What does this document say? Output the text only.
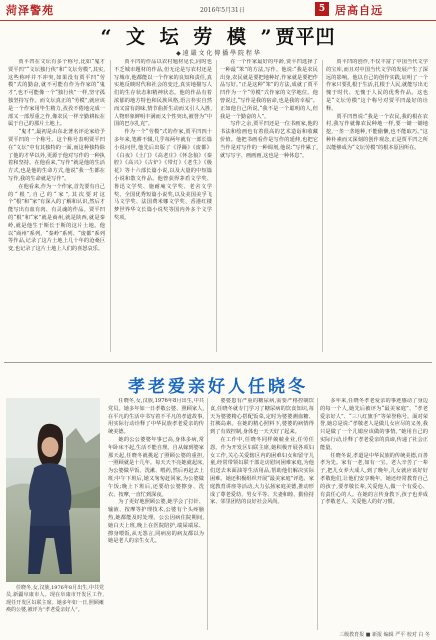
菏泽警苑	2016年5月31日	5 居高自远
“ 文 坛 劳 模 ”贾平凹
◆ 遠 嚴 文 化 傳 播 學 院 程 华

贾平凹在文坛有多个称号,比如“鬼才贾平凹”“文坛独行侠”和“文坛劳模”,其实,这些称呼并不冲突,如果没有贾平凹“劳模”式的勤奋,就不可能有作为作家的“鬼才”,也不可能像一个“独行侠”一样,坚守孤独坚持写作。而文坛真正的“劳模”,就应该是一个作家用毕生精力,孜孜不倦地完成一部又一部厚重之作,像农民一样辛勤耕耘在属于自己的那片土地上。

“鬼才”,最初是由东北著名评论家给予贾平凹的一个称号。这个称号表明贾平凹在“文坛”中有其独特的一面,而这种独特除了他的才华以外,更源于他对写作的一种执着和坚持。在他看来,“写作”就是他的生活方式,也是他的生命方式,他说“我一生都在写作,我的生命就是写作”。

在他看来,作为一个作家,首先要有自己的“根”,自己的“家”,其次要对这个“根”和“家”有深入的了解和认识,然后才能写出有血有肉、有灵魂的作品。贾平凹的“根”和“家”就是商州,就是陕西,就是秦岭,就是他生于斯长于斯的这片土地。他以“商州”系列、“秦岭”系列、“废都”系列等作品,记录了这片土地上几十年的沧桑巨变,也记录了这片土地上人们的喜怒哀乐。

贾平凹的作品以农村题材见长,同时也不乏城市题材的作品,但无论是写农村还是写城市,他都能以一个作家的良知和责任,真实地反映时代和社会的变迁,真实地描写人们的生存状态和精神状态。他的作品有着浓郁的地方特色和民族风格,语言朴实自然而又富有韵味,情节曲折生动而又引人入胜,人物形象鲜明丰满而又个性突出,被誉为“中国的巴尔扎克”。

作为一个“劳模”式的作家,贾平凹四十多年来,笔耕不辍,几乎每两年就有一部长篇小说问世,他先后出版了《浮躁》《废都》《白夜》《土门》《高老庄》《怀念狼》《秦腔》《高兴》《古炉》《带灯》《老生》《极花》等十六部长篇小说,以及大量的中短篇小说和散文作品。他曾获得茅盾文学奖、鲁迅文学奖、施耐庵文学奖、老舍文学奖、全国优秀短篇小说奖,以及美国美孚飞马文学奖、法国费米娜文学奖、香港红楼梦世界华文长篇小说奖等国内外多个文学奖项。

在一个作家最好的年龄,贾平凹选择了一种最“笨”的方法,写作。他说:“我是农民出身,农民就是要把地种好,作家就是要把作品写好。”正是这种“笨”的方法,成就了贾平凹作为一个“劳模”式作家的文学地位。他曾说过,“写作是我的宿命,也是我的幸福”。正如他自己所说,“我不是一个聪明的人,但我是一个勤奋的人”。

写作之余,贾平凹还是一位书画家,他的书法和绘画也有着很高的艺术造诣和收藏价值。他把书画看作是写作的延伸,也把它当作是对写作的一种调剂,他说:“写作累了,就写写字、画画画,这也是一种休息”。

贾平凹的创作,不仅丰富了中国当代文学的宝库,而且对中国当代文学的发展产生了深远的影响。他以自己的创作实践,证明了一个作家只要扎根于生活,扎根于人民,就能写出无愧于时代、无愧于人民的优秀作品。这也是“文坛劳模”这个称号对贾平凹最好的诠释。

贾平凹曾说:“我是一个农民,我的根在农村,我写作就像农民种地一样,要一锄一锄地挖,一垄一垄地种,不能偷懒,也不能取巧。”这种朴素而又深刻的创作观念,正是贾平凹之所以能够成为“文坛劳模”的根本原因所在。

孝老爱亲好人任晓冬

任晓冬,女,汉族,1976年8月出生,中共党员,新疆阜康市人。现在阜康市开发区工作,现任开发区妇联主席。她多年如一日,照顾瘫痪的公婆,被评为“孝老爱亲好人”。

任晓冬,女,汉族,1976年8月出生,中共党员。她多年如一日孝敬公婆、照顾家人,在平凡的生活中书写着不平凡的孝道故事,用实际行动诠释了中华民族孝老爱亲的传统美德。

她的公公婆婆年事已高,身体多病,常年卧床不起,生活不能自理。自从嫁到婆家那天起,任晓冬就挑起了照顾公婆的重担,一照顾就是十几年。每天天不亮她就起床,为公婆做早饭、洗漱、喂药,然后再赶去上班;中午下班后,她又匆匆赶回家,为公婆做午饭;晚上下班后,还要给公婆擦身、洗衣、按摩,一直忙到深夜。

为了更好地照顾公婆,她学会了打针、输液、按摩等护理技术,公婆有个头疼脑热,她都能及时处理。公公因病住院期间,她白天上班,晚上在医院陪护,端屎端尿、擦身喂饭,从无怨言,同病房的病友都以为她是老人的亲生女儿。

婆婆患有严重的糖尿病,需要严格控制饮食,任晓冬就专门学习了糖尿病的饮食知识,每天为婆婆精心搭配饭菜,定时为婆婆测血糖、打胰岛素。在她的精心照料下,婆婆的病情得到了有效控制,身体也一天天好了起来。

在工作中,任晓冬同样兢兢业业,任劳任怨。作为开发区妇联主席,她积极开展各项妇女工作,关心关爱辖区内的困难妇女和留守儿童,经常带领妇联干部走访慰问困难家庭,为他们送去米面油等生活用品,帮助他们解决实际困难。她还积极组织开展“最美家庭”评选、家庭教育讲座等活动,大力弘扬家庭美德,推动形成了尊老爱幼、男女平等、夫妻和睦、勤俭持家、邻里团结的良好社会风尚。

多年来,任晓冬孝老爱亲的事迹感动了身边的每一个人,她先后被评为“最美家庭”、“孝老爱亲好人”、“三八红旗手”等荣誉称号。面对荣誉,她总是说:“孝敬老人是做儿女应尽的义务,我只是做了一个儿媳应该做的事情。”她用自己的实际行动,诠释了孝老爱亲的真谛,传递了社会正能量。

任晓冬说,孝道是中华民族的传统美德,百善孝为先。家有一老,如有一宝。老人辛苦了一辈子,把儿女养大成人,到了晚年,儿女就应该好好孝敬他们,让他们安享晚年。她还经常教育自己的孩子,要孝敬长辈,关爱他人,做一个有爱心、有责任心的人。在她的言传身教下,孩子也养成了孝敬老人、关爱他人的好习惯。

三级教育报 ■ 新报 编辑 严平 校对 白 冬
